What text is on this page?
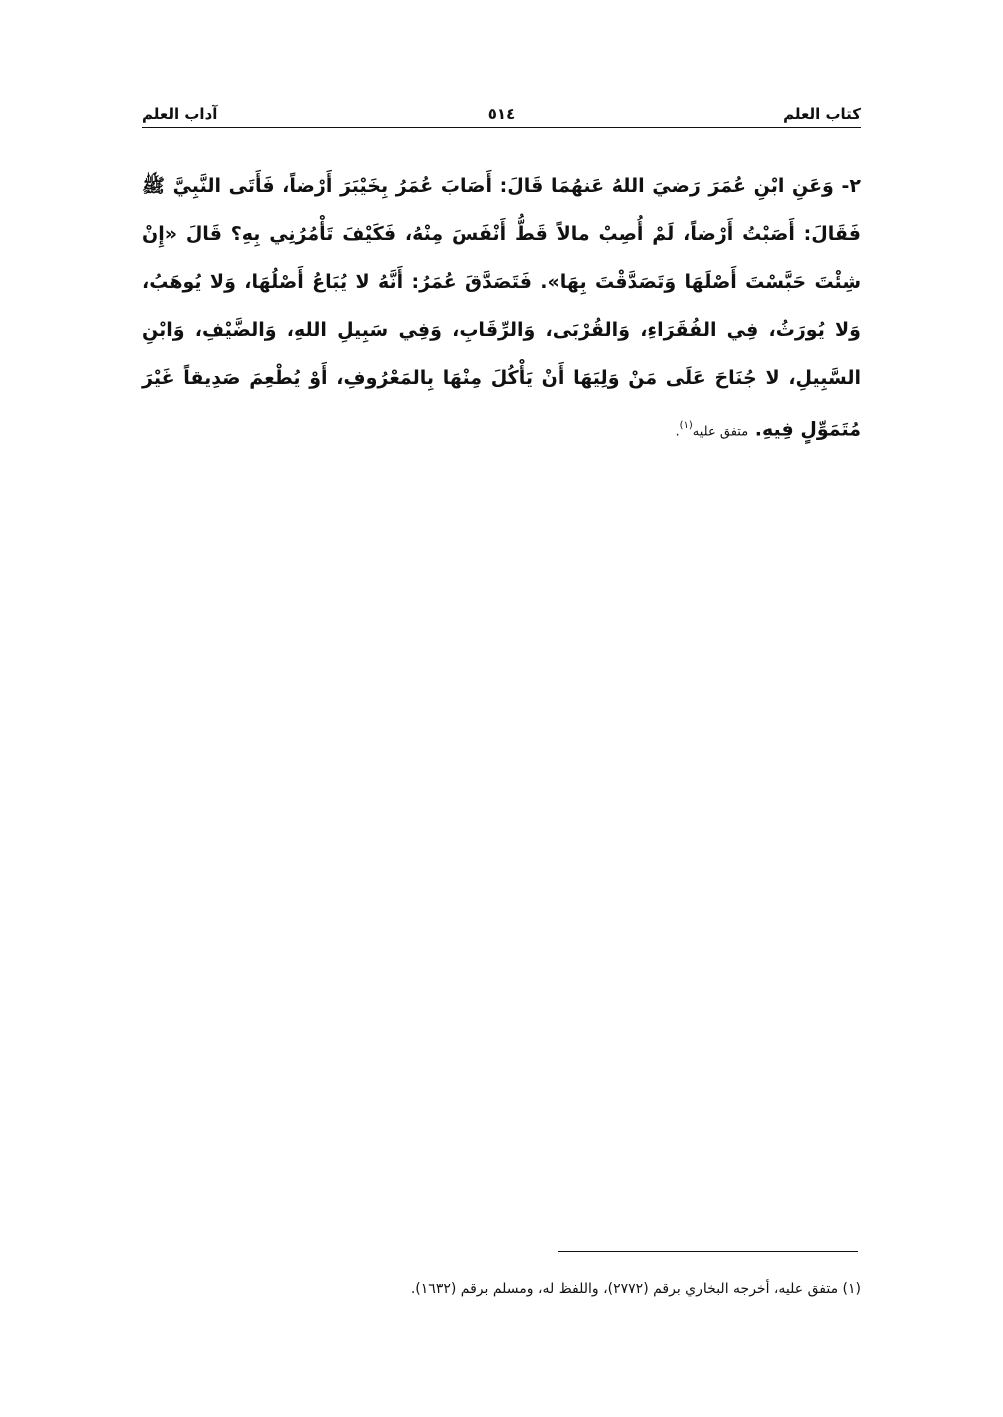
كتاب العلم
٥١٤
آداب العلم

٢- وَعَنِ ابْنِ عُمَرَ رَضيَ اللهُ عَنهُمَا قَالَ: أَصَابَ عُمَرُ بِخَيْبَرَ أَرْضاً، فَأَتَى النَّبِيَّ ﷺ فَقَالَ: أَصَبْتُ أَرْضاً، لَمْ أُصِبْ مالاً قَطُّ أَنْفَسَ مِنْهُ، فَكَيْفَ تَأْمُرُنِي بِهِ؟ قَالَ «إِنْ شِئْتَ حَبَّسْتَ أَصْلَهَا وَتَصَدَّقْتَ بِهَا». فَتَصَدَّقَ عُمَرُ: أَنَّهُ لا يُبَاعُ أَصْلُهَا، وَلا يُوهَبُ، وَلا يُورَثُ، فِي الفُقَرَاءِ، وَالقُرْبَى، وَالرِّقَابِ، وَفِي سَبِيلِ اللهِ، وَالضَّيْفِ، وَابْنِ السَّبِيلِ، لا جُنَاحَ عَلَى مَنْ وَلِيَهَا أَنْ يَأْكُلَ مِنْهَا بِالمَعْرُوفِ، أَوْ يُطْعِمَ صَدِيقاً غَيْرَ مُتَمَوِّلٍ فِيهِ. متفق عليه$^{(١)}$.

(١) متفق عليه، أخرجه البخاري برقم (٢٧٧٢)، واللفظ له، ومسلم برقم (١٦٣٢).
